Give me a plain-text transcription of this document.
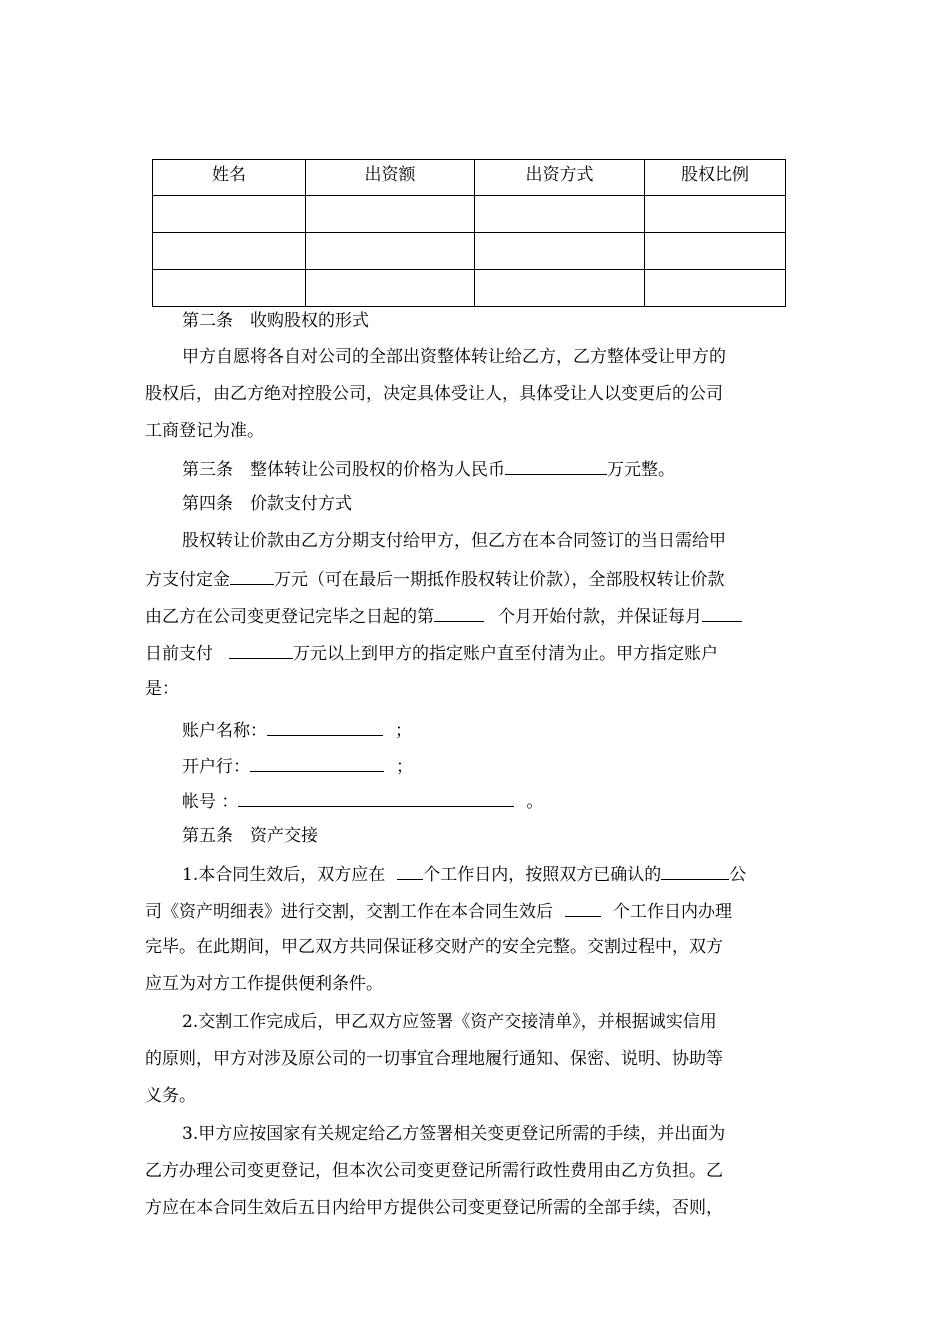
姓名	出资额	出资方式	股权比例

第二条　收购股权的形式
甲方自愿将各自对公司的全部出资整体转让给乙方，乙方整体受让甲方的
股权后，由乙方绝对控股公司，决定具体受让人，具体受让人以变更后的公司
工商登记为准。
第三条　整体转让公司股权的价格为人民币	万元整。
第四条　价款支付方式
股权转让价款由乙方分期支付给甲方，但乙方在本合同签订的当日需给甲
方支付定金	万元（可在最后一期抵作股权转让价款），全部股权转让价款
由乙方在公司变更登记完毕之日起的第	个月开始付款，并保证每月
日前支付	万元以上到甲方的指定账户直至付清为止。甲方指定账户
是：
账户名称：	；
开户行：	；
帐号 ：	。
第五条　资产交接
1.本合同生效后，双方应在 个工作日内，按照双方已确认的	公
司《资产明细表》进行交割，交割工作在本合同生效后	个工作日内办理
完毕。在此期间，甲乙双方共同保证移交财产的安全完整。交割过程中，双方
应互为对方工作提供便利条件。
2.交割工作完成后，甲乙双方应签署《资产交接清单》，并根据诚实信用
的原则，甲方对涉及原公司的一切事宜合理地履行通知、保密、说明、协助等
义务。
3.甲方应按国家有关规定给乙方签署相关变更登记所需的手续，并出面为
乙方办理公司变更登记，但本次公司变更登记所需行政性费用由乙方负担。乙
方应在本合同生效后五日内给甲方提供公司变更登记所需的全部手续，否则，
